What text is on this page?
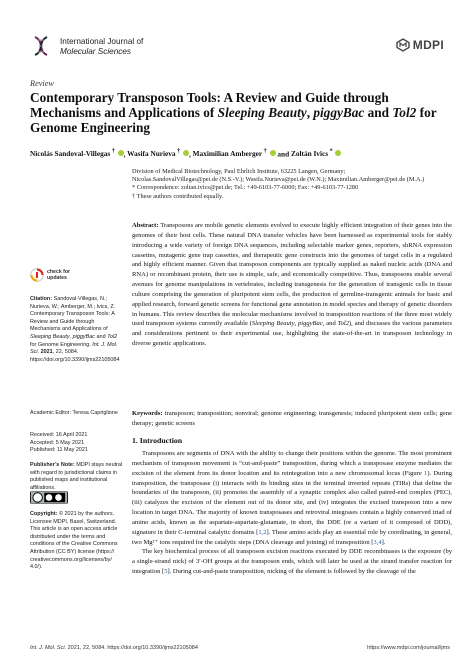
International Journal of
Molecular Sciences	MDPI
Review
Contemporary Transposon Tools: A Review and Guide through Mechanisms and Applications of Sleeping Beauty, piggyBac and Tol2 for Genome Engineering
Nicolás Sandoval-Villegas † , Wasifa Nurieva † , Maximilian Amberger †  and Zoltán Ivics *
Division of Medical Biotechnology, Paul Ehrlich Institute, 63225 Langen, Germany;
Nicolas.SandovalVillegas@pei.de (N.S.-V.); Wasifa.Nurieva@pei.de (W.N.); Maximilian.Amberger@pei.de (M.A.)
* Correspondence: zoltan.ivics@pei.de; Tel.: +49-6103-77-6000; Fax: +49-6103-77-1280
† These authors contributed equally.
Abstract: Transposons are mobile genetic elements evolved to execute highly efficient integration of their genes into the genomes of their host cells. These natural DNA transfer vehicles have been harnessed as experimental tools for stably introducing a wide variety of foreign DNA sequences, including selectable marker genes, reporters, shRNA expression cassettes, mutagenic gene trap cassettes, and therapeutic gene constructs into the genomes of target cells in a regulated and highly efficient manner. Given that transposon components are typically supplied as naked nucleic acids (DNA and RNA) or recombinant protein, their use is simple, safe, and economically competitive. Thus, transposons enable several avenues for genome manipulations in vertebrates, including transgenesis for the generation of transgenic cells in tissue culture comprising the generation of pluripotent stem cells, the production of germline-transgenic animals for basic and applied research, forward genetic screens for functional gene annotation in model species and therapy of genetic disorders in humans. This review describes the molecular mechanisms involved in transposition reactions of the three most widely used transposon systems currently available (Sleeping Beauty, piggyBac, and Tol2), and discusses the various parameters and considerations pertinent to their experimental use, highlighting the state-of-the-art in transposon technology in diverse genetic applications.
Keywords: transposon; transposition; nonviral; genome engineering; transgenesis; induced pluripotent stem cells; gene therapy; genetic screens
check for
updates
Citation: Sandoval-Villegas, N.; Nurieva, W.; Amberger, M.; Ivics, Z. Contemporary Transposon Tools: A Review and Guide through Mechanisms and Applications of Sleeping Beauty, piggyBac and Tol2 for Genome Engineering. Int. J. Mol. Sci. 2021, 22, 5084. https://doi.org/10.3390/ijms22105084
Academic Editor: Teresa Capriglione
Received: 16 April 2021
Accepted: 5 May 2021
Published: 11 May 2021
Publisher’s Note: MDPI stays neutral with regard to jurisdictional claims in published maps and institutional affiliations.
Copyright: © 2021 by the authors. Licensee MDPI, Basel, Switzerland. This article is an open access article distributed under the terms and conditions of the Creative Commons Attribution (CC BY) license (https:// creativecommons.org/licenses/by/ 4.0/).
1. Introduction

Transposons are segments of DNA with the ability to change their positions within the genome. The most prominent mechanism of transposon movement is “cut-and-paste” transposition, during which a transposase enzyme mediates the excision of the element from its donor location and its reintegration into a new chromosomal locus (Figure 1). During transposition, the transposase (i) interacts with its binding sites in the terminal inverted repeats (TIRs) that define the boundaries of the transposon, (ii) promotes the assembly of a synaptic complex also called paired-end complex (PEC), (iii) catalyzes the excision of the element out of its donor site, and (iv) integrates the excised transposon into a new location in target DNA. The majority of known transposases and retroviral integrases contain a highly conserved triad of amino acids, known as the aspartate-aspartate-glutamate, in short, the DDE (or a variant of it composed of DDD), signature in their C-terminal catalytic domains [1,2]. These amino acids play an essential role by coordinating, in general, two Mg²⁺ ions required for the catalytic steps (DNA cleavage and joining) of transposition [3,4].

The key biochemical process of all transposon excision reactions executed by DDE recombinases is the exposure (by a single-strand nick) of 3′-OH groups at the transposon ends, which will later be used at the strand transfer reaction for integration [5]. During cut-and-paste transposition, nicking of the element is followed by the cleavage of the

Int. J. Mol. Sci. 2021, 22, 5084. https://doi.org/10.3390/ijms22105084	https://www.mdpi.com/journal/ijms
